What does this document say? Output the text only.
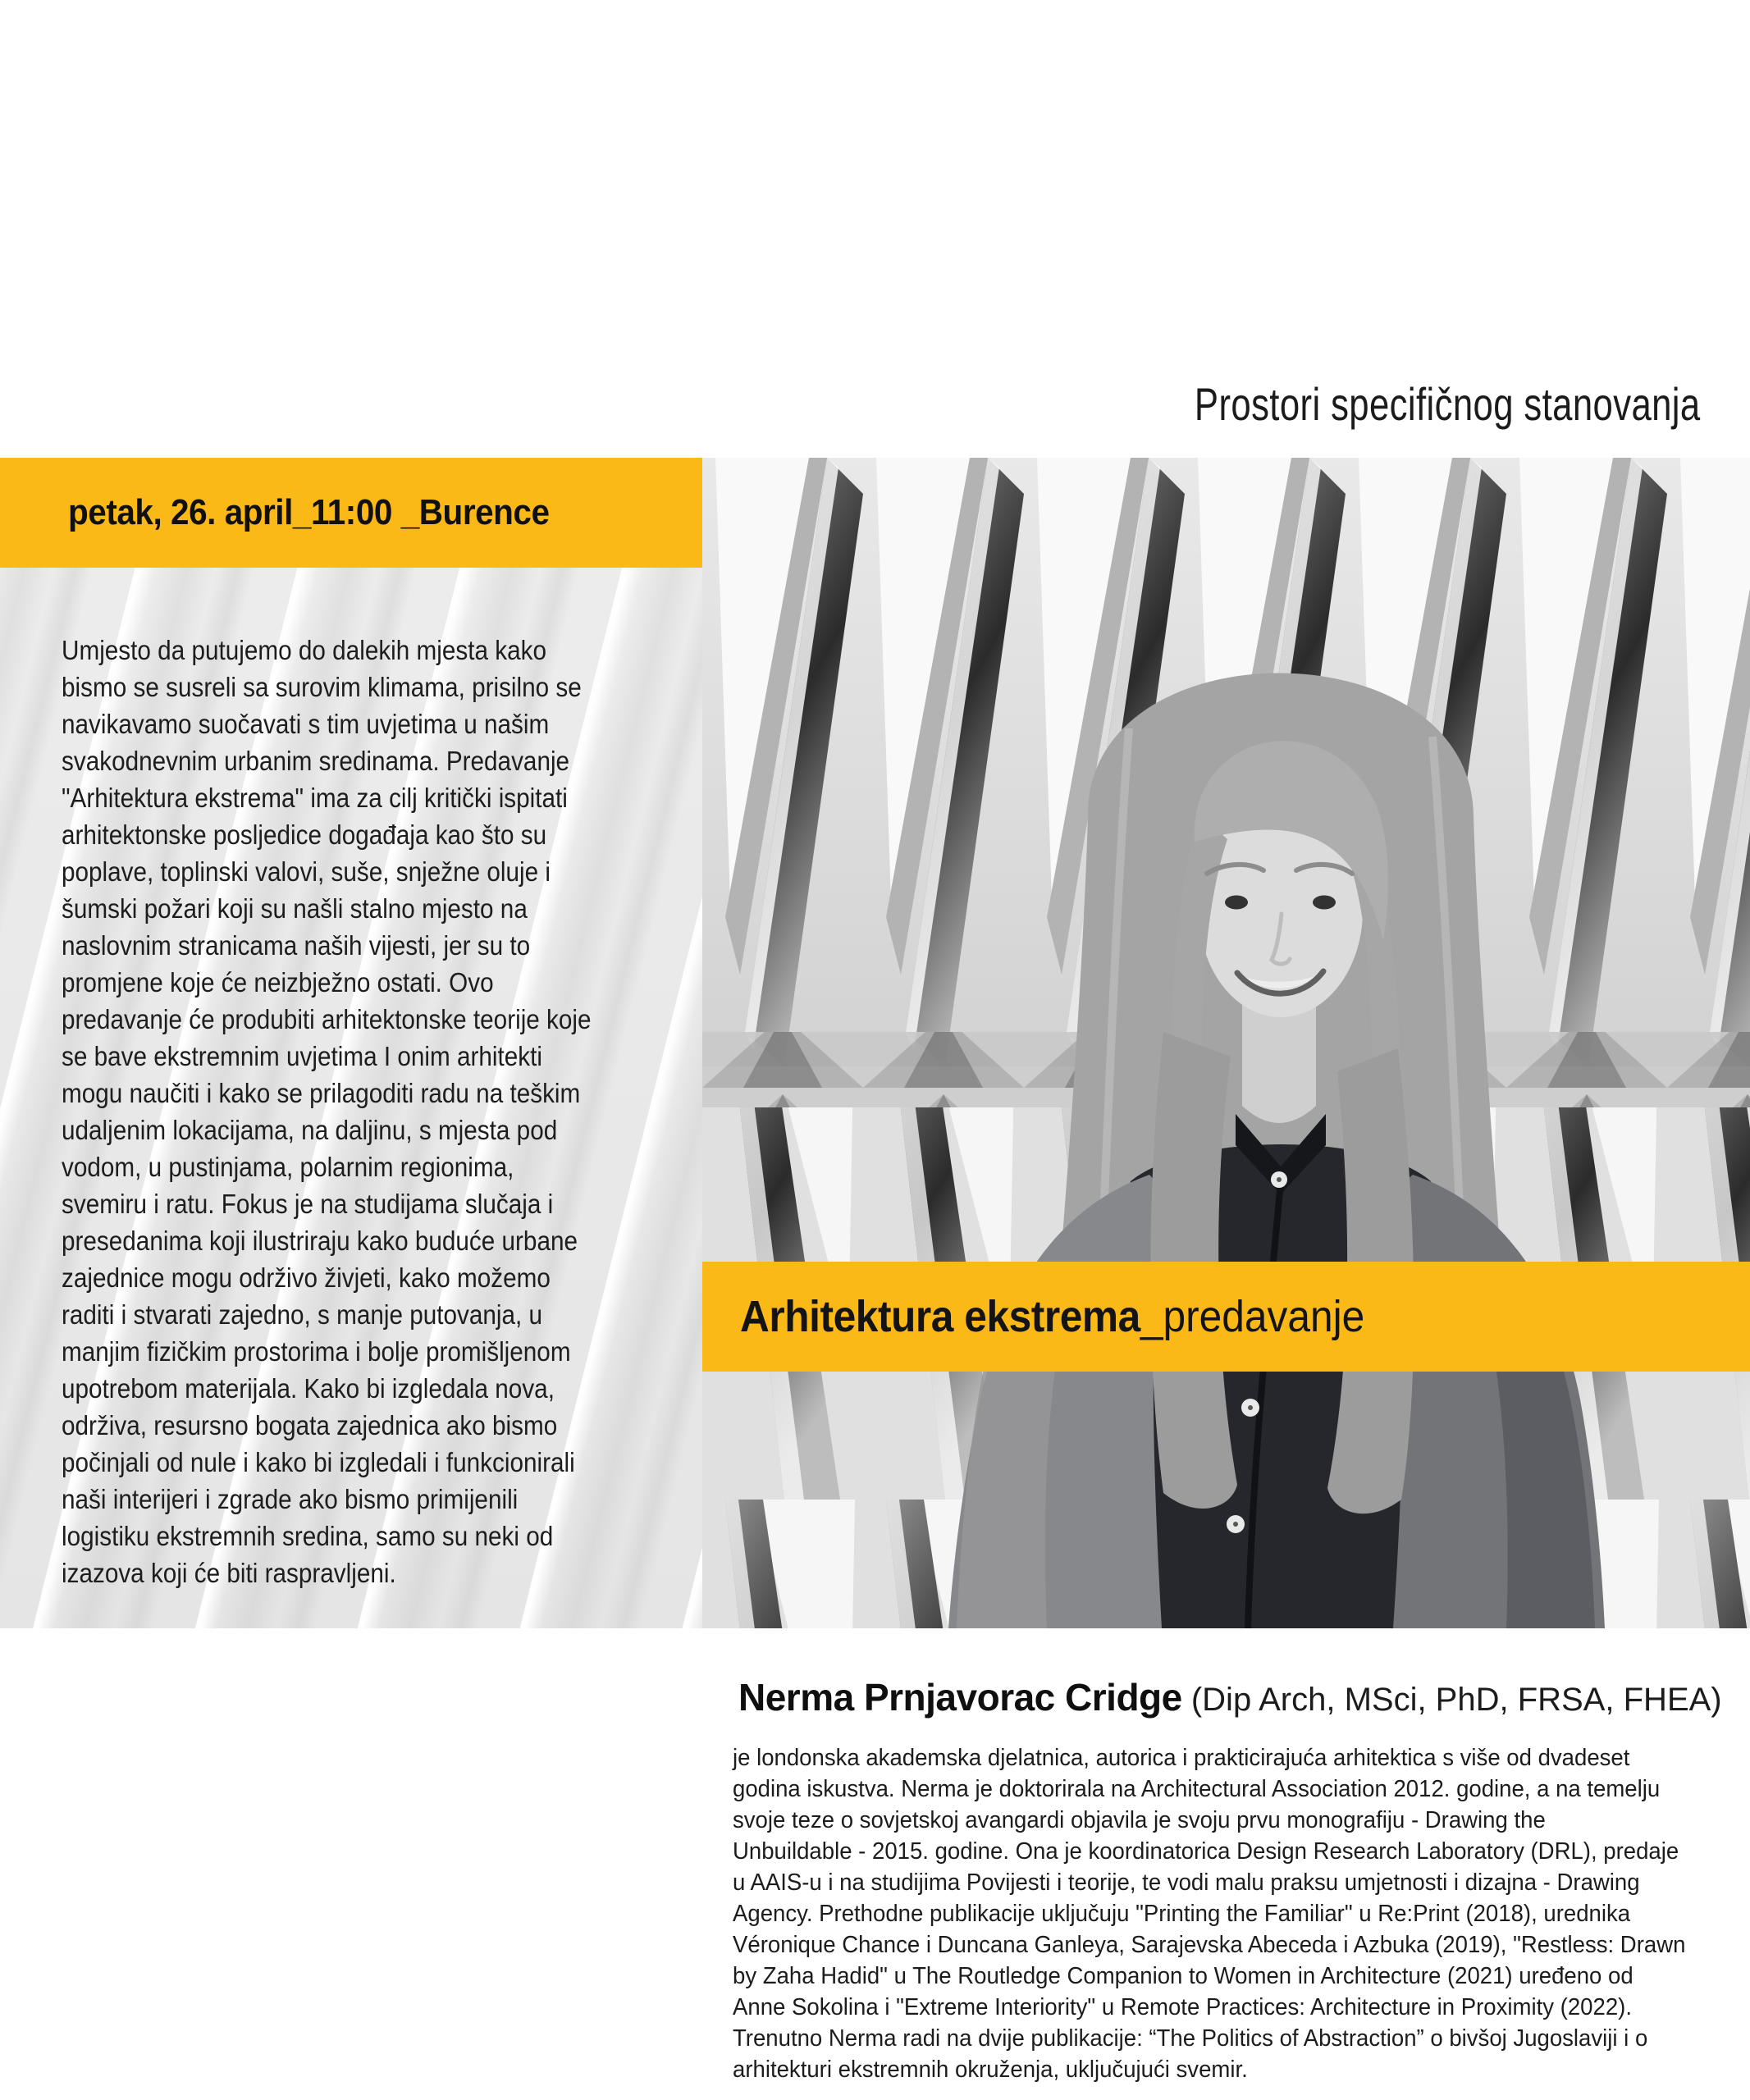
Prostori specifičnog stanovanja
petak, 26. april_11:00 _Burence
Umjesto da putujemo do dalekih mjesta kako
bismo se susreli sa surovim klimama, prisilno se
navikavamo suočavati s tim uvjetima u našim
svakodnevnim urbanim sredinama. Predavanje
"Arhitektura ekstrema" ima za cilj kritički ispitati
arhitektonske posljedice događaja kao što su
poplave, toplinski valovi, suše, snježne oluje i
šumski požari koji su našli stalno mjesto na
naslovnim stranicama naših vijesti, jer su to
promjene koje će neizbježno ostati. Ovo
predavanje će produbiti arhitektonske teorije koje
se bave ekstremnim uvjetima I onim arhitekti
mogu naučiti i kako se prilagoditi radu na teškim
udaljenim lokacijama, na daljinu, s mjesta pod
vodom, u pustinjama, polarnim regionima,
svemiru i ratu. Fokus je na studijama slučaja i
presedanima koji ilustriraju kako buduće urbane
zajednice mogu održivo živjeti, kako možemo
raditi i stvarati zajedno, s manje putovanja, u
manjim fizičkim prostorima i bolje promišljenom
upotrebom materijala. Kako bi izgledala nova,
održiva, resursno bogata zajednica ako bismo
počinjali od nule i kako bi izgledali i funkcionirali
naši interijeri i zgrade ako bismo primijenili
logistiku ekstremnih sredina, samo su neki od
izazova koji će biti raspravljeni.
Arhitektura ekstrema_predavanje
Nerma Prnjavorac Cridge (Dip Arch, MSci, PhD, FRSA, FHEA)
je londonska akademska djelatnica, autorica i prakticirajuća arhitektica s više od dvadeset
godina iskustva. Nerma je doktorirala na Architectural Association 2012. godine, a na temelju
svoje teze o sovjetskoj avangardi objavila je svoju prvu monografiju - Drawing the
Unbuildable - 2015. godine. Ona je koordinatorica Design Research Laboratory (DRL), predaje
u AAIS-u i na studijima Povijesti i teorije, te vodi malu praksu umjetnosti i dizajna - Drawing
Agency. Prethodne publikacije uključuju "Printing the Familiar" u Re:Print (2018), urednika
Véronique Chance i Duncana Ganleya, Sarajevska Abeceda i Azbuka (2019), "Restless: Drawn
by Zaha Hadid" u The Routledge Companion to Women in Architecture (2021) uređeno od
Anne Sokolina i "Extreme Interiority" u Remote Practices: Architecture in Proximity (2022).
Trenutno Nerma radi na dvije publikacije: “The Politics of Abstraction” o bivšoj Jugoslaviji i o
arhitekturi ekstremnih okruženja, uključujući svemir.
